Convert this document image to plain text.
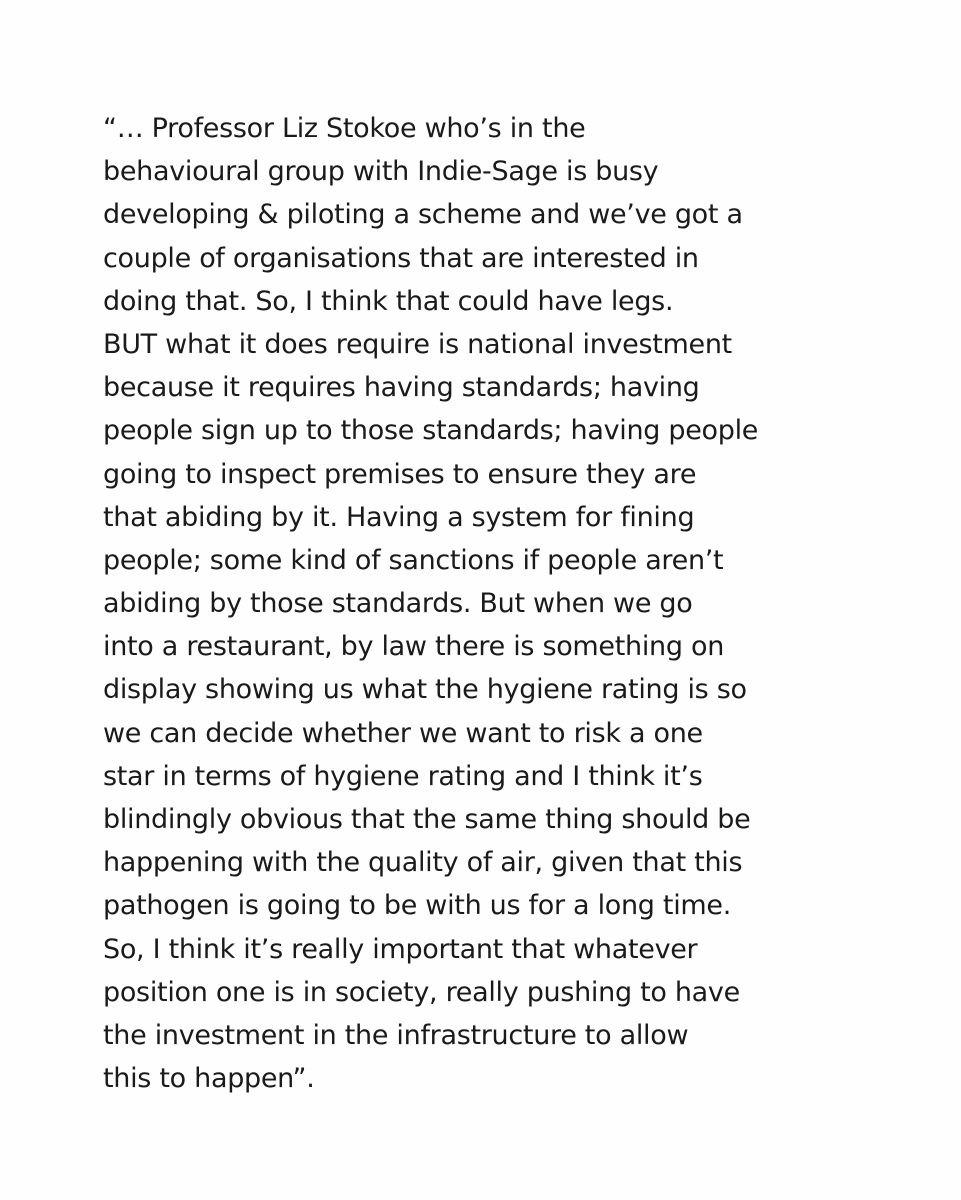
“… Professor Liz Stokoe who’s in the
behavioural group with Indie-Sage is busy
developing & piloting a scheme and we’ve got a
couple of organisations that are interested in
doing that. So, I think that could have legs.
BUT what it does require is national investment
because it requires having standards; having
people sign up to those standards; having people
going to inspect premises to ensure they are
that abiding by it. Having a system for fining
people; some kind of sanctions if people aren’t
abiding by those standards. But when we go
into a restaurant, by law there is something on
display showing us what the hygiene rating is so
we can decide whether we want to risk a one
star in terms of hygiene rating and I think it’s
blindingly obvious that the same thing should be
happening with the quality of air, given that this
pathogen is going to be with us for a long time.
So, I think it’s really important that whatever
position one is in society, really pushing to have
the investment in the infrastructure to allow
this to happen”.
